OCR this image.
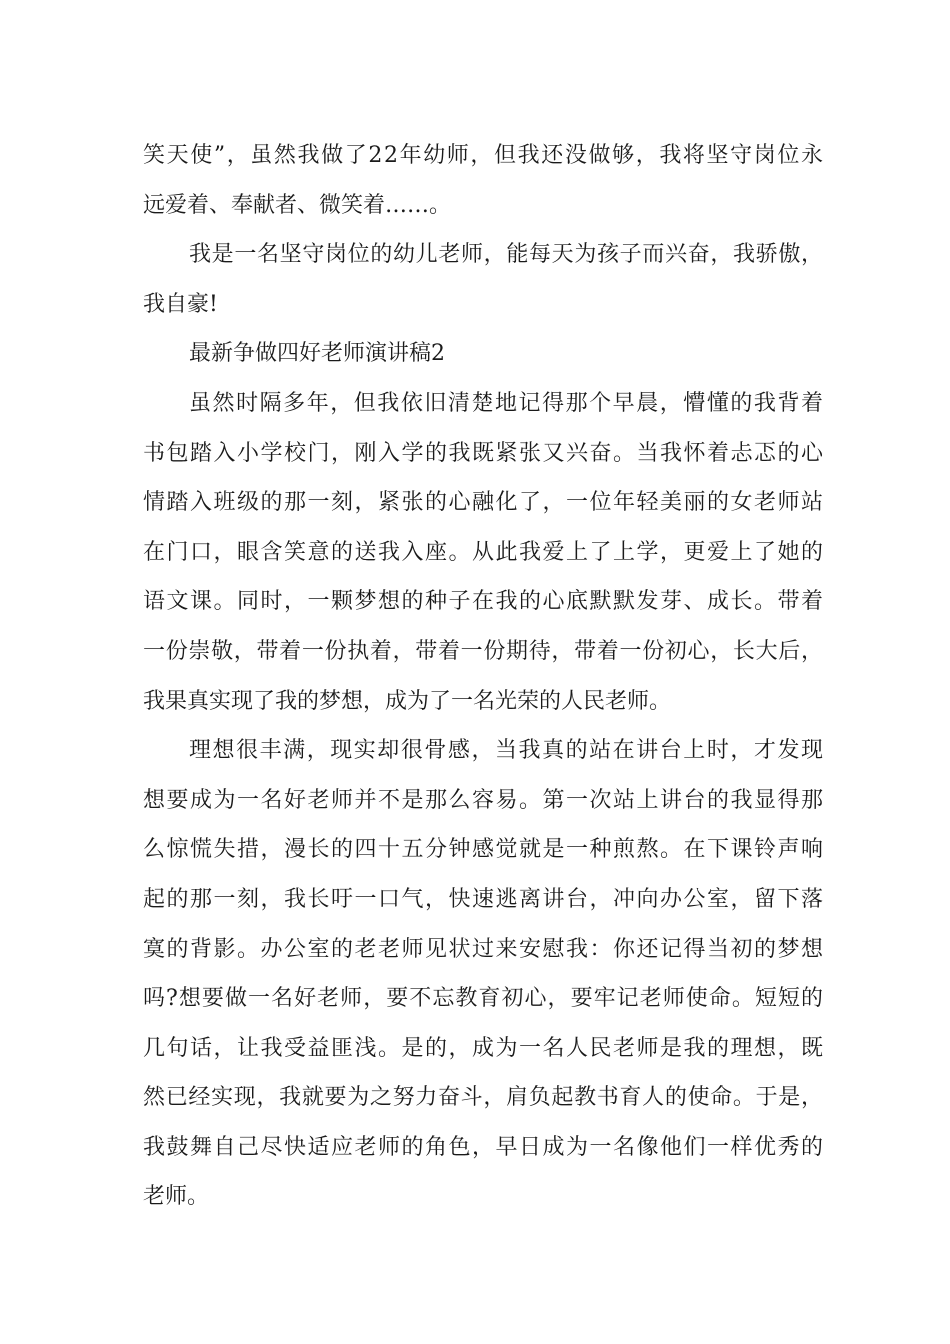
笑天使”，虽然我做了22年幼师，但我还没做够，我将坚守岗位永
远爱着、奉献者、微笑着……。
我是一名坚守岗位的幼儿老师，能每天为孩子而兴奋，我骄傲，
我自豪!
最新争做四好老师演讲稿2
虽然时隔多年，但我依旧清楚地记得那个早晨，懵懂的我背着
书包踏入小学校门，刚入学的我既紧张又兴奋。当我怀着忐忑的心
情踏入班级的那一刻，紧张的心融化了，一位年轻美丽的女老师站
在门口，眼含笑意的送我入座。从此我爱上了上学，更爱上了她的
语文课。同时，一颗梦想的种子在我的心底默默发芽、成长。带着
一份崇敬，带着一份执着，带着一份期待，带着一份初心，长大后，
我果真实现了我的梦想，成为了一名光荣的人民老师。
理想很丰满，现实却很骨感，当我真的站在讲台上时，才发现
想要成为一名好老师并不是那么容易。第一次站上讲台的我显得那
么惊慌失措，漫长的四十五分钟感觉就是一种煎熬。在下课铃声响
起的那一刻，我长吁一口气，快速逃离讲台，冲向办公室，留下落
寞的背影。办公室的老老师见状过来安慰我：你还记得当初的梦想
吗?想要做一名好老师，要不忘教育初心，要牢记老师使命。短短的
几句话，让我受益匪浅。是的，成为一名人民老师是我的理想，既
然已经实现，我就要为之努力奋斗，肩负起教书育人的使命。于是，
我鼓舞自己尽快适应老师的角色，早日成为一名像他们一样优秀的
老师。
